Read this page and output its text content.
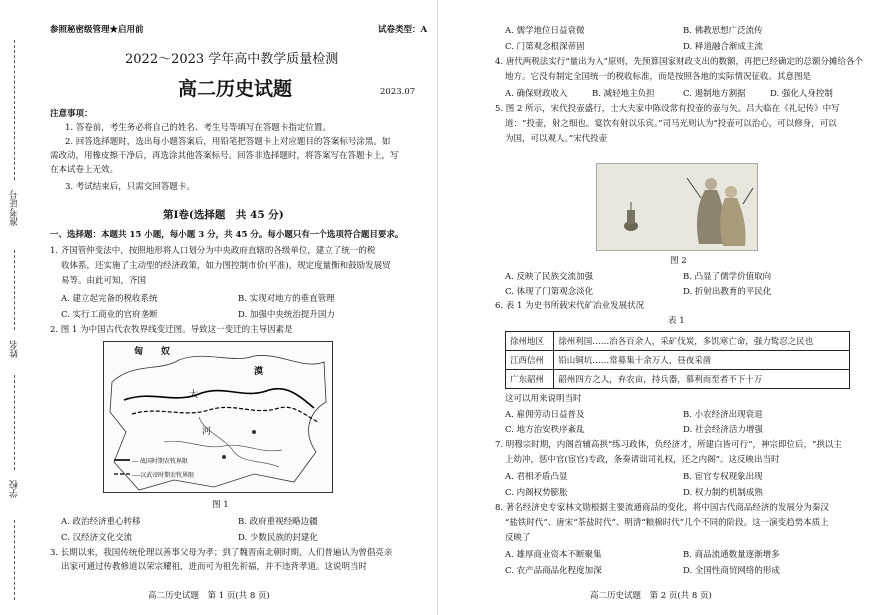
准考证号
姓名
学校
参照秘密级管理★启用前	试卷类型：A
2022～2023 学年高中教学质量检测
高二历史试题	2023.07
注意事项：
1. 答卷前，考生务必将自己的姓名、考生号等填写在答题卡指定位置。
2. 回答选择题时，选出每小题答案后，用铅笔把答题卡上对应题目的答案标号涂黑。如
需改动，用橡皮擦干净后，再选涂其他答案标号。回答非选择题时，将答案写在答题卡上，写
在本试卷上无效。
3. 考试结束后，只需交回答题卡。
第Ⅰ卷(选择题　共 45 分)
一、选择题：本题共 15 小题，每小题 3 分，共 45 分。每小题只有一个选项符合题目要求。
1. 齐国管仲变法中，按照地形将人口划分为中央政府直辖的各级单位，建立了统一的税
收体系，还实施了主动型的经济政策，如力图控制市价(平准)，规定度量衡和鼓励发展贸
易等。由此可知，齐国
A. 建立起完备的税收系统	B. 实现对地方的垂直管理
C. 实行工商业的官府垄断	D. 加强中央统治提升国力
2. 图 1 为中国古代农牧界线变迁图。导致这一变迁的主导因素是
匈　　奴
漠
大
河
— 战国时期农牧界限
----汉武帝时期农牧界限
图 1
A. 政治经济重心转移	B. 政府重视经略边疆
C. 汉经济文化交流	D. 少数民族的封建化
3. 长期以来，我国传统伦理以善事父母为孝；到了魏晋南北朝时期，人们普遍认为曾倡亮亲
出家可通过传教修道以荣宗耀祖，进而可为祖先祈福，并不违背孝道。这说明当时
高二历史试题　第 1 页(共 8 页)
A. 儒学地位日益衰微	B. 佛教思想广泛流传
C. 门第观念根深蒂固	D. 释道融合渐成主流
4. 唐代两税法实行“量出为入”原则，先预算国家财政支出的数额，再把已经确定的总额分摊给各个
地方。它没有制定全国统一的税收标准，而是按照各地的实际情况征收。其意图是
A. 确保财政收入	B. 减轻地主负担	C. 遏制地方割据	D. 强化人身控制
5. 图 2 所示，宋代投壶盛行，士大夫家中陈设常有投壶的壶与矢。吕大临在《礼记传》中写
道：“投壶，射之细也。宴饮有射以乐宾。”司马光则认为“投壶可以治心，可以修身，可以
为国，可以观人。”宋代投壶
图 2
A. 反映了民族交流加强	B. 凸显了儒学价值取向
C. 体现了门第观念淡化	D. 折射出教育的平民化
6. 表 1 为史书所载宋代矿冶业发展状况
表 1
徐州地区	徐州利国……冶各百余人，采矿伐炭，多饥寒亡命，强力鸷忍之民也
江西信州	铅山铜坑……常募集十余万人，昼夜采凿
广东韶州	韶州四方之人，弃农亩，持兵器，慕利而至者不下十万
这可以用来说明当时
A. 雇佣劳动日益普及	B. 小农经济出现衰退
C. 地方治安秩序紊乱	D. 社会经济活力增强
7. 明穆宗时期，内阁首辅高拱“练习政体，负经济才，所建白皆可行”，神宗即位后，“拱以主
上幼冲，惩中官(宦官)专政，条奏请诎司礼权，还之内阁”。这反映出当时
A. 君相矛盾凸显	B. 宦官专权现象出现
C. 内阁权势膨胀	D. 权力制约机制成熟
8. 著名经济史专家林文勋根据主要流通商品的变化，将中国古代商品经济的发展分为秦汉
“盐铁时代”、唐宋“茶盐时代”、明清“粮棉时代”几个不同的阶段。这一演变趋势本质上
反映了
A. 雄厚商业资本不断聚集	B. 商品流通数量逐渐增多
C. 农产品商品化程度加深	D. 全国性商贸网络的形成
高二历史试题　第 2 页(共 8 页)
